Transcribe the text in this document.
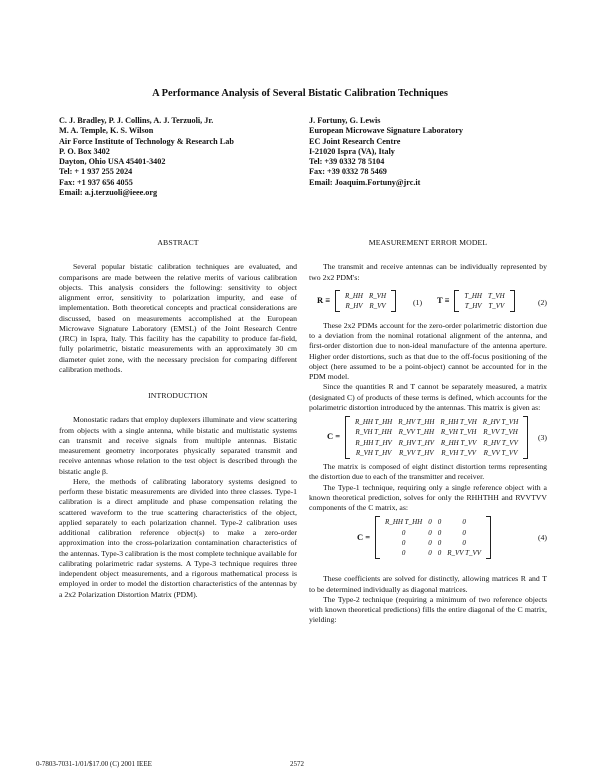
A Performance Analysis of Several Bistatic Calibration Techniques
C. J. Bradley, P. J. Collins, A. J. Terzuoli, Jr.
M. A. Temple, K. S. Wilson
Air Force Institute of Technology & Research Lab
P. O. Box 3402
Dayton, Ohio USA 45401-3402
Tel: + 1 937 255 2024
Fax: +1 937 656 4055
Email: a.j.terzuoli@ieee.org
J. Fortuny, G. Lewis
European Microwave Signature Laboratory
EC Joint Research Centre
I-21020 Ispra (VA), Italy
Tel: +39 0332 78 5104
Fax: +39 0332 78 5469
Email: Joaquim.Fortuny@jrc.it
ABSTRACT

Several popular bistatic calibration techniques are evaluated, and comparisons are made between the relative merits of various calibration objects. This analysis considers the following: sensitivity to object alignment error, sensitivity to polarization impurity, and ease of implementation. Both theoretical concepts and practical considerations are discussed, based on measurements accomplished at the European Microwave Signature Laboratory (EMSL) of the Joint Research Centre (JRC) in Ispra, Italy. This facility has the capability to produce far-field, fully polarimetric, bistatic measurements with an approximately 30 cm diameter quiet zone, with the necessary precision for comparing different calibration methods.

INTRODUCTION

Monostatic radars that employ duplexers illuminate and view scattering from objects with a single antenna, while bistatic and multistatic systems can transmit and receive signals from multiple antennas. Bistatic measurement geometry incorporates physically separated transmit and receive antennas whose relation to the test object is described through the bistatic angle β.

Here, the methods of calibrating laboratory systems designed to perform these bistatic measurements are divided into three classes. Type-1 calibration is a direct amplitude and phase compensation relating the scattered waveform to the true scattering characteristics of the object, applied separately to each polarization channel. Type-2 calibration uses additional calibration reference object(s) to make a zero-order approximation into the cross-polarization contamination characteristics of the antennas. Type-3 calibration is the most complete technique available for calibrating polarimetric radar systems. A Type-3 technique requires three independent object measurements, and a rigorous mathematical process is employed in order to model the distortion characteristics of the antennas by a 2x2 Polarization Distortion Matrix (PDM).

MEASUREMENT ERROR MODEL

The transmit and receive antennas can be individually represented by two 2x2 PDM's:

R ≡ R_HH	R_VH
R_HV	R_VV	(1) T ≡ T_HH	T_VH
T_HV	T_VV	(2)

These 2x2 PDMs account for the zero-order polarimetric distortion due to a deviation from the nominal rotational alignment of the antenna, and first-order distortion due to non-ideal manufacture of the antenna aperture. Higher order distortions, such as that due to the off-focus positioning of the object (here assumed to be a point-object) cannot be accounted for in the PDM model.

Since the quantities R and T cannot be separately measured, a matrix (designated C) of products of these terms is defined, which accounts for the polarimetric distortion introduced by the antennas. This matrix is given as:

C =
R_HH T_HH	R_HV T_HH	R_HH T_VH	R_HV T_VH
R_VH T_HH	R_VV T_HH	R_VH T_VH	R_VV T_VH
R_HH T_HV	R_HV T_HV	R_HH T_VV	R_HV T_VV
R_VH T_HV	R_VV T_HV	R_VH T_VV	R_VV T_VV
(3)

The matrix is composed of eight distinct distortion terms representing the distortion due to each of the transmitter and receiver.

The Type-1 technique, requiring only a single reference object with a known theoretical prediction, solves for only the RHHTHH and RVVTVV components of the C matrix, as:

C =
R_HH T_HH	0	0	0
0	0	0	0
0	0	0	0
0	0	0	R_VV T_VV
(4)

These coefficients are solved for distinctly, allowing matrices R and T to be determined individually as diagonal matrices.

The Type-2 technique (requiring a minimum of two reference objects with known theoretical predictions) fills the entire diagonal of the C matrix, yielding:

0-7803-7031-1/01/$17.00 (C) 2001 IEEE	2572
